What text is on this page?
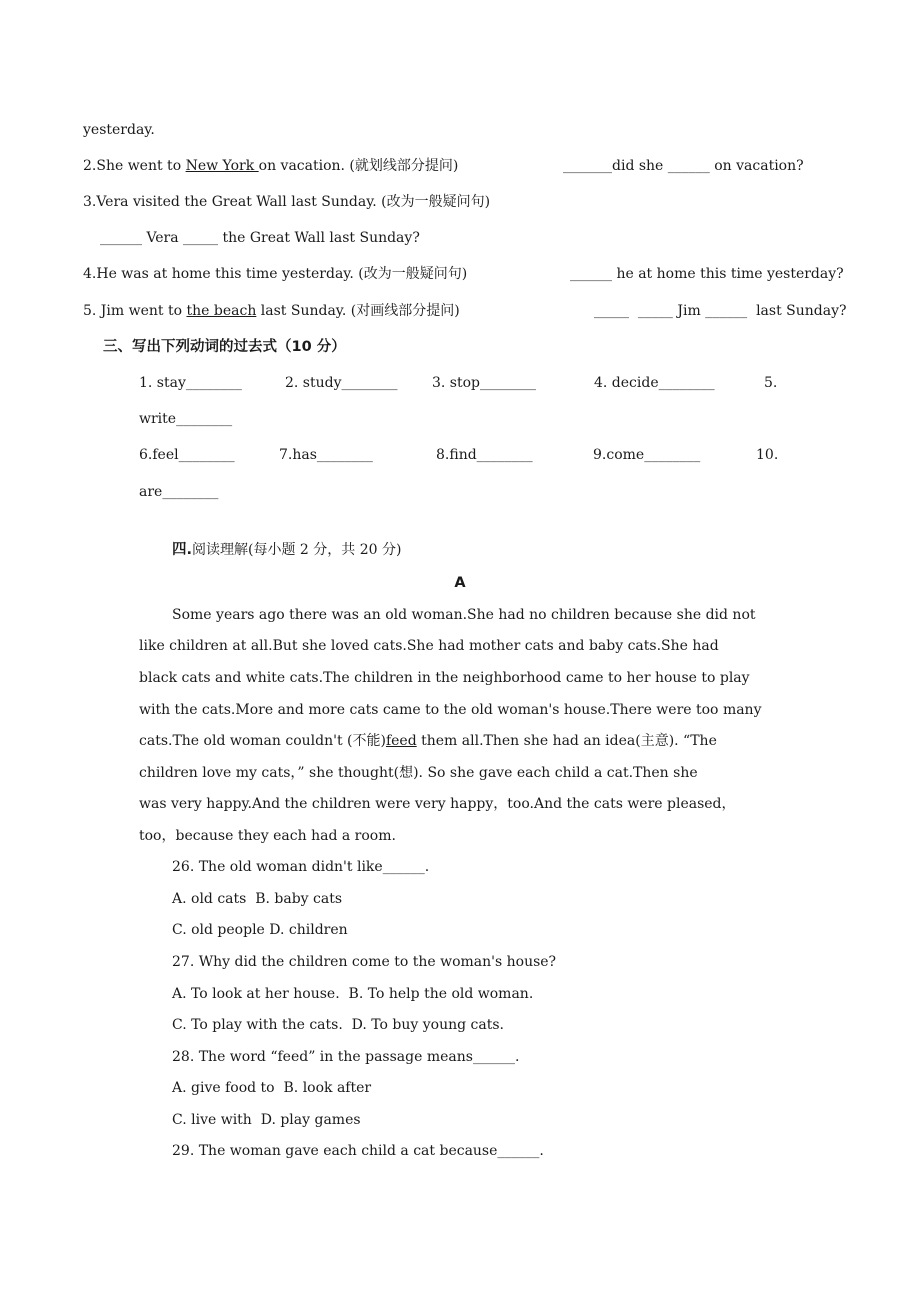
yesterday.
2.She went to New York on vacation. (就划线部分提问)	_______did she ______ on vacation?
3.Vera visited the Great Wall last Sunday. (改为一般疑问句)
______ Vera _____ the Great Wall last Sunday?
4.He was at home this time yesterday. (改为一般疑问句)	______ he at home this time yesterday?
5. Jim went to the beach last Sunday. (对画线部分提问)	_____  _____ Jim ______  last Sunday?
三、写出下列动词的过去式（10 分）
1. stay________	2. study________ 3. stop________	4. decide________	5.
write________
6.feel________	7.has________	8.find________	9.come________	10.
are________
四.阅读理解(每小题 2 分，共 20 分)
A
Some years ago there was an old woman.She had no children because she did not
like children at all.But she loved cats.She had mother cats and baby cats.She had
black cats and white cats.The children in the neighborhood came to her house to play
with the cats.More and more cats came to the old woman's house.There were too many
cats.The old woman couldn't (不能)feed them all.Then she had an idea(主意). “The
children love my cats，” she thought(想). So she gave each child a cat.Then she
was very happy.And the children were very happy，too.And the cats were pleased，
too，because they each had a room.
26. The old woman didn't like______.
A. old cats  B. baby cats
C. old people D. children
27. Why did the children come to the woman's house?
A. To look at her house.  B. To help the old woman.
C. To play with the cats.  D. To buy young cats.
28. The word “feed” in the passage means______.
A. give food to  B. look after
C. live with  D. play games
29. The woman gave each child a cat because______.
